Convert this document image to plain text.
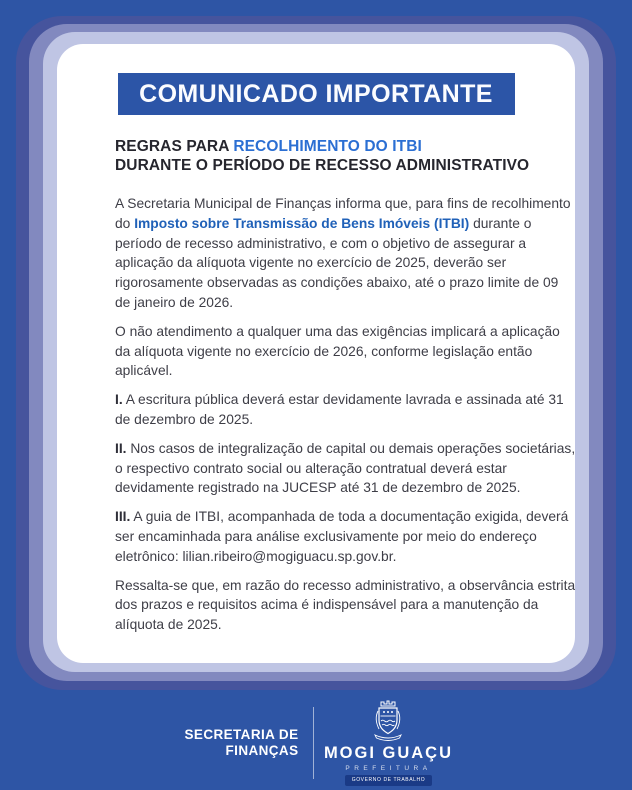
COMUNICADO IMPORTANTE
REGRAS PARA RECOLHIMENTO DO ITBI
DURANTE O PERÍODO DE RECESSO ADMINISTRATIVO

A Secretaria Municipal de Finanças informa que, para fins de recolhimento do Imposto sobre Transmissão de Bens Imóveis (ITBI) durante o período de recesso administrativo, e com o objetivo de assegurar a aplicação da alíquota vigente no exercício de 2025, deverão ser rigorosamente observadas as condições abaixo, até o prazo limite de 09 de janeiro de 2026.

O não atendimento a qualquer uma das exigências implicará a aplicação da alíquota vigente no exercício de 2026, conforme legislação então aplicável.

I. A escritura pública deverá estar devidamente lavrada e assinada até 31 de dezembro de 2025.

II. Nos casos de integralização de capital ou demais operações societárias, o respectivo contrato social ou alteração contratual deverá estar devidamente registrado na JUCESP até 31 de dezembro de 2025.

III. A guia de ITBI, acompanhada de toda a documentação exigida, deverá ser encaminhada para análise exclusivamente por meio do endereço eletrônico: lilian.ribeiro@mogiguacu.sp.gov.br.

Ressalta-se que, em razão do recesso administrativo, a observância estrita dos prazos e requisitos acima é indispensável para a manutenção da alíquota de 2025.

SECRETARIA DE
FINANÇAS MOGI GUAÇU
PREFEITURA
GOVERNO DE TRABALHO
